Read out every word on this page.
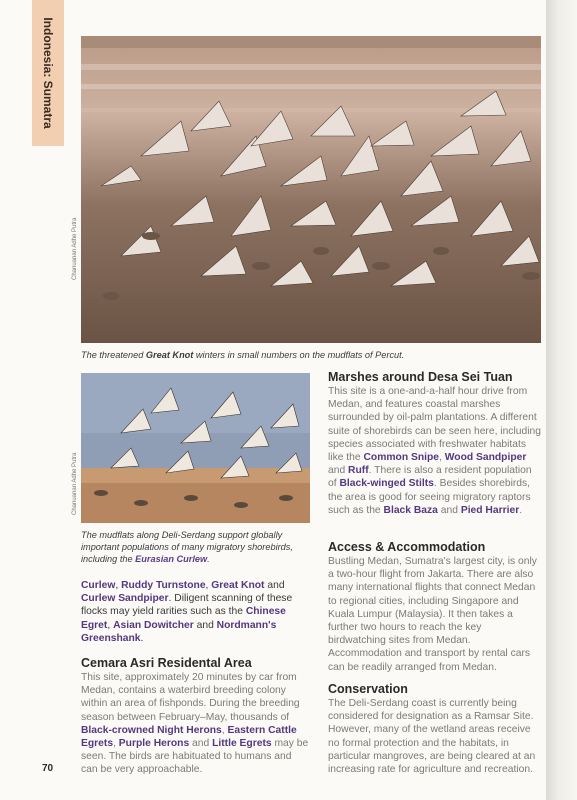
Indonesia: Sumatra
Chanuanan Adhe Putra
The threatened Great Knot winters in small numbers on the mudflats of Percut.
Chanuanan Adhe Putra
The mudflats along Deli-Serdang support globally important populations of many migratory shorebirds, including the Eurasian Curlew.

Curlew, Ruddy Turnstone, Great Knot and Curlew Sandpiper. Diligent scanning of these flocks may yield rarities such as the Chinese Egret, Asian Dowitcher and Nordmann's Greenshank.

Cemara Asri Residental Area

This site, approximately 20 minutes by car from Medan, contains a waterbird breeding colony within an area of fishponds. During the breeding season between February–May, thousands of Black-crowned Night Herons, Eastern Cattle Egrets, Purple Herons and Little Egrets may be seen. The birds are habituated to humans and can be very approachable.

Marshes around Desa Sei Tuan

This site is a one-and-a-half hour drive from Medan, and features coastal marshes surrounded by oil-palm plantations. A different suite of shorebirds can be seen here, including species associated with freshwater habitats like the Common Snipe, Wood Sandpiper and Ruff. There is also a resident population of Black-winged Stilts. Besides shorebirds, the area is good for seeing migratory raptors such as the Black Baza and Pied Harrier.

Access & Accommodation

Bustling Medan, Sumatra's largest city, is only a two-hour flight from Jakarta. There are also many international flights that connect Medan to regional cities, including Singapore and Kuala Lumpur (Malaysia). It then takes a further two hours to reach the key birdwatching sites from Medan. Accommodation and transport by rental cars can be readily arranged from Medan.

Conservation

The Deli-Serdang coast is currently being considered for designation as a Ramsar Site. However, many of the wetland areas receive no formal protection and the habitats, in particular mangroves, are being cleared at an increasing rate for agriculture and recreation.

70
